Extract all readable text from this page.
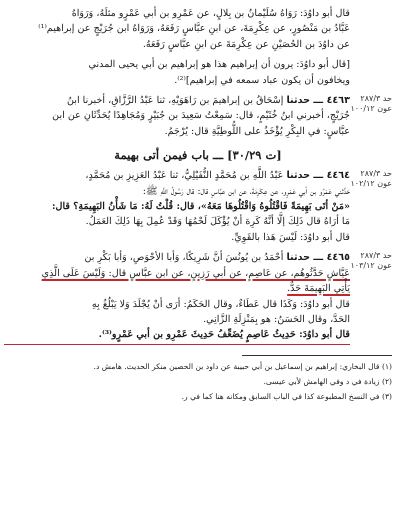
قال أبو داوُدَ: رَوَاهُ سُلَيْمانُ بن بِلالٍ، عن عَمْرِو بن أبي عَمْرٍو مثلَهُ، وَرَوَاهُ
عَبَّادُ بن مَنْصُورٍ، عن عِكْرِمَةَ، عن ابنِ عبَّاسٍ رَفَعَهُ، وَرَوَاهُ ابن جُرَيْجٍ عن إبراهيم⁽¹⁾
عن داوُدَ بن الحُصَيْنِ عن عِكْرِمَةَ عن ابنِ عبَّاسٍ رَفَعَهُ.
[قال أبو داوُدَ: يرون أن إبراهيم هذا هو إبراهيم بن أبي يحيى المدني
ويخافون أن يكون عباد سمعه في إبراهيم]⁽²⁾.
حد ٢٨٧/٣
عون ١٠٠/١٢
٤٤٦٣ ـــ حدثنا إسْحَاقُ بن إبراهيمَ بن رَاهَوَيْهِ، ثنا عَبْدُ الرَّزَّاقِ، أخبرنا ابنُ
جُرَيْجٍ، أخبرني ابنُ خُثَيْمٍ، قال: سَمِعْتُ سَعِيدَ بن جُبَيْرٍ وَمُجَاهِدًا يُحَدِّثَانِ عن ابن
عبَّاسٍ: في البِكْرِ يُؤْخَذُ على اللُّوطِيَّةِ قال: يُرْجَمُ.
[ت ٣٠/٢٩] ـــ باب فيمن أتى بهيمة
حد ٢٨٧/٣
عون ١٠٢/١٢
٤٤٦٤ ـــ حدثنا عَبْدُ اللَّهِ بن مُحَمَّدٍ النُّفَيْلِيُّ، ثنا عَبْدُ العَزِيزِ بن مُحَمَّدٍ،
حَدَّثني عَمْرُو بن أبي عَمْرٍو، عن عِكْرِمَةَ، عن ابن عبَّاسٍ قال: قال رَسُولُ اللَّهِ ﷺ:
«مَنْ أتَى بَهِيمَةً فَاقْتُلُوهُ وَاقْتُلُوهَا مَعَهُ»، قال: قُلْتُ لَهُ: مَا شَأْنُ البَهِيمَةِ؟ قال:
مَا أرَاهُ قال ذَلِكَ إلَّا أنَّهُ كَرِهَ أنْ يُؤْكَلَ لَحْمُهَا وَقَدْ عُمِلَ بِهَا ذَلِكَ العَمَلُ.
قال أبو داوُدَ: لَيْسَ هَذا بالقَوِيِّ.
حد ٢٨٧/٣
عون ١٠٣/١٢
٤٤٦٥ ـــ حدثنا أحْمَدُ بن يُونُسَ أنَّ شَرِيكًا، وَأبا الأحْوَصِ، وَأبا بَكْرِ بن
عَيَّاشٍ حَدَّثُوهُم، عن عَاصِمٍ، عن أبي رَزِينٍ، عن ابن عبَّاسٍ قال: وَلَيْسَ عَلَى الَّذِي
يَأْتِي البَهِيمَةَ حَدٌّ.
قال أبو داوُدَ: وَكَذَا قال عَطَاءٌ، وقال الحَكَمُ: أرَى أنْ يُجْلَدَ وَلا يَبْلُغُ بِهِ
الحَدَّ، وقال الحَسَنُ: هو بِمَنْزِلَةِ الزَّانِي.
قال أبو داوُدَ: حَدِيثُ عَاصِمٍ يُضَعِّفُ حَدِيثَ عَمْرِو بن أبي عَمْرٍو⁽³⁾.
(١) قال البخاري: إبراهيم بن إسماعيل بن أبي حبيبة عن داود بن الحصين منكر الحديث. هامش د.
(٢) زيادة في د وفي الهامش لأبي عيسى.
(٣) في النسخ المطبوعة كذا في الباب السابق ومكانه هنا كما في ر.
